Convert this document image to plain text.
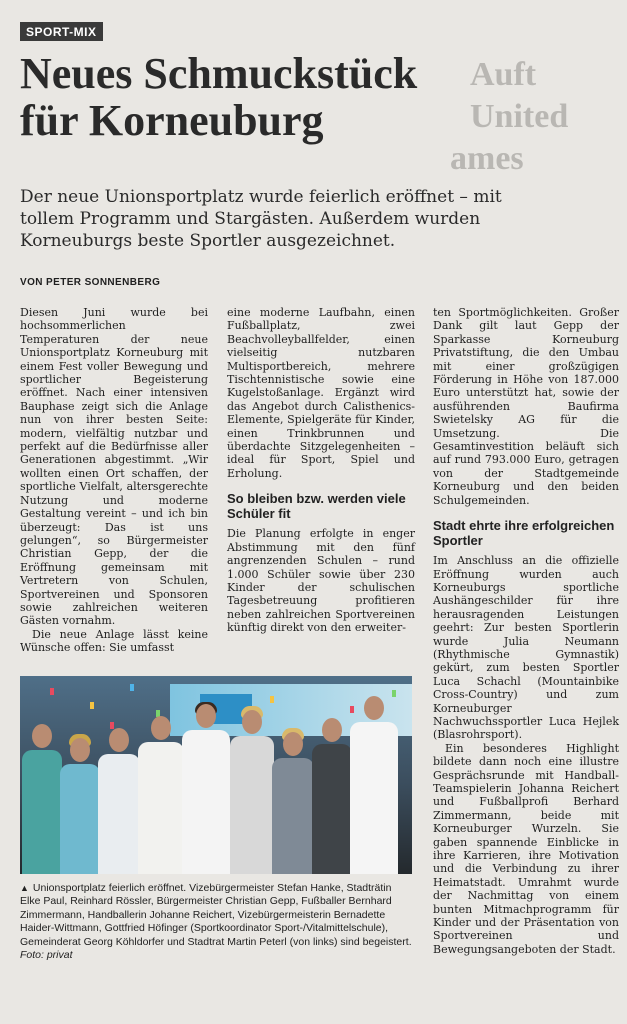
Auft
United
ames
SPORT-MIX
Neues Schmuckstück
für Korneuburg

Der neue Unionsportplatz wurde feierlich eröffnet – mit tollem Programm und Stargästen. Außerdem wurden Korneuburgs beste Sportler ausgezeichnet.

VON PETER SONNENBERG

Diesen Juni wurde bei hochsommerlichen Temperaturen der neue Unionsportplatz Korneuburg mit einem Fest voller Bewegung und sportlicher Begeisterung eröffnet. Nach einer intensiven Bauphase zeigt sich die Anlage nun von ihrer besten Seite: modern, vielfältig nutzbar und perfekt auf die Bedürfnisse aller Generationen abgestimmt. „Wir wollten einen Ort schaffen, der sportliche Vielfalt, altersgerechte Nutzung und moderne Gestaltung vereint – und ich bin überzeugt: Das ist uns gelungen“, so Bürgermeister Christian Gepp, der die Eröffnung gemeinsam mit Vertretern von Schulen, Sportvereinen und Sponsoren sowie zahlreichen weiteren Gästen vornahm.

Die neue Anlage lässt keine Wünsche offen: Sie umfasst

eine moderne Laufbahn, einen Fußballplatz, zwei Beachvolleyballfelder, einen vielseitig nutzbaren Multisportbereich, mehrere Tischtennistische sowie eine Kugelstoßanlage. Ergänzt wird das Angebot durch Calisthenics-Elemente, Spielgeräte für Kinder, einen Trinkbrunnen und überdachte Sitzgelegenheiten – ideal für Sport, Spiel und Erholung.

So bleiben bzw. werden viele Schüler fit

Die Planung erfolgte in enger Abstimmung mit den fünf angrenzenden Schulen – rund 1.000 Schüler sowie über 230 Kinder der schulischen Tagesbetreuung profitieren neben zahlreichen Sportvereinen künftig direkt von den erweiter-

ten Sportmöglichkeiten. Großer Dank gilt laut Gepp der Sparkasse Korneuburg Privatstiftung, die den Umbau mit einer großzügigen Förderung in Höhe von 187.000 Euro unterstützt hat, sowie der ausführenden Baufirma Swietelsky AG für die Umsetzung. Die Gesamtinvestition beläuft sich auf rund 793.000 Euro, getragen von der Stadtgemeinde Korneuburg und den beiden Schulgemeinden.

Stadt ehrte ihre erfolgreichen Sportler

Im Anschluss an die offizielle Eröffnung wurden auch Korneuburgs sportliche Aushängeschilder für ihre herausragenden Leistungen geehrt: Zur besten Sportlerin wurde Julia Neumann (Rhythmische Gymnastik) gekürt, zum besten Sportler Luca Schachl (Mountainbike Cross-Country) und zum Korneuburger Nachwuchssportler Luca Hejlek (Blasrohrsport).

Ein besonderes Highlight bildete dann noch eine illustre Gesprächsrunde mit Handball-Teamspielerin Johanna Reichert und Fußballprofi Berhard Zimmermann, beide mit Korneuburger Wurzeln. Sie gaben spannende Einblicke in ihre Karrieren, ihre Motivation und die Verbindung zu ihrer Heimatstadt. Umrahmt wurde der Nachmittag von einem bunten Mitmachprogramm für Kinder und der Präsentation von Sportvereinen und Bewegungsangeboten der Stadt.

▲ Unionsportplatz feierlich eröffnet. Vizebürgermeister Stefan Hanke, Stadträtin Elke Paul, Reinhard Rössler, Bürgermeister Christian Gepp, Fußballer Bernhard Zimmermann, Handballerin Johanne Reichert, Vizebürgermeisterin Bernadette Haider-Wittmann, Gottfried Höfinger (Sportkoordinator Sport-/Vitalmittelschule), Gemeinderat Georg Köhldorfer und Stadtrat Martin Peterl (von links) sind begeistert.
Foto: privat
